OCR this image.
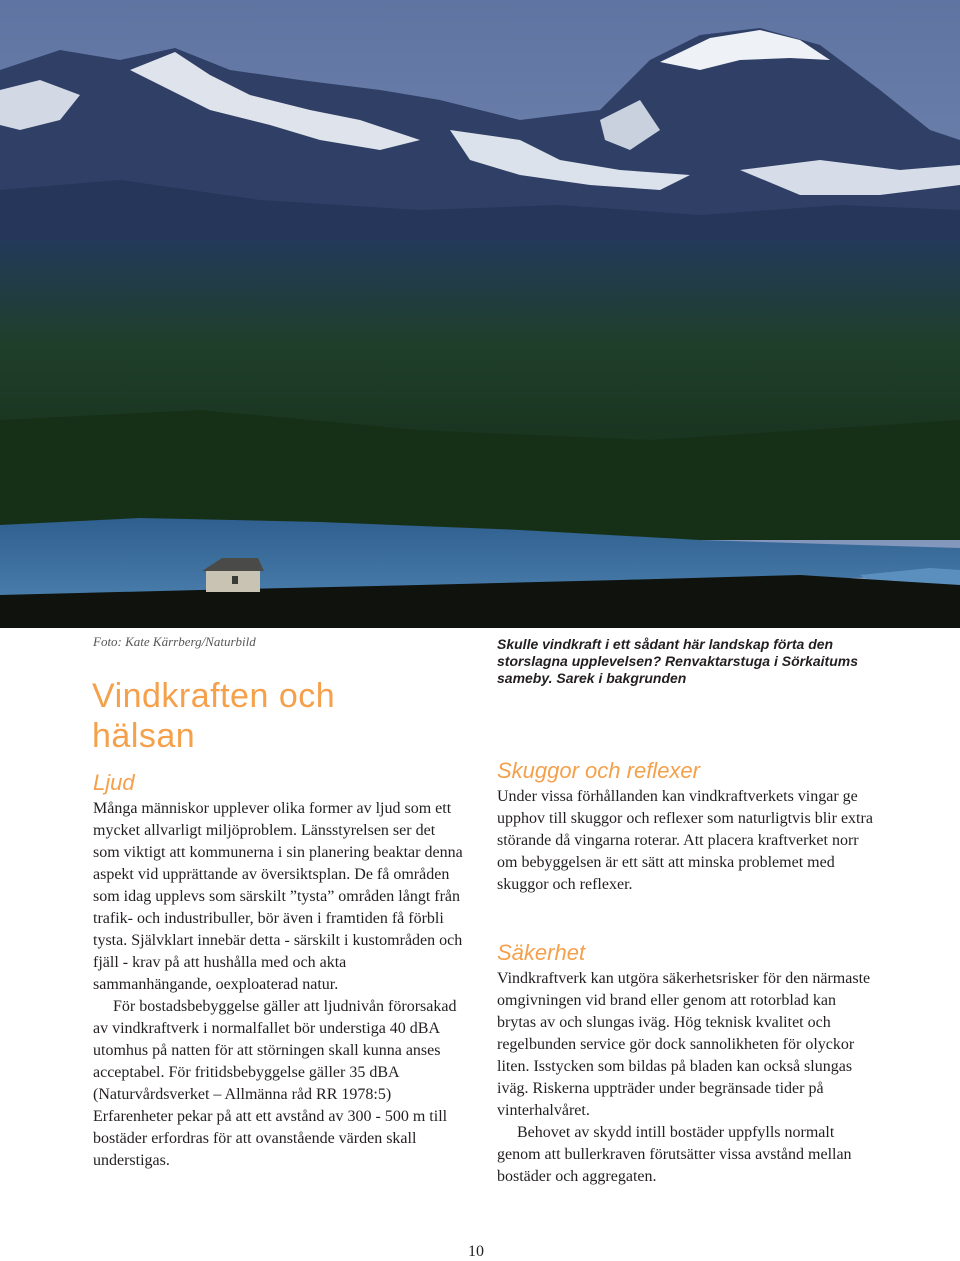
Foto: Kate Kärrberg/Naturbild
Vindkraften och
hälsan
Ljud

Många människor upplever olika former av ljud som ett mycket allvarligt miljöproblem. Länsstyrelsen ser det som viktigt att kommunerna i sin planering beaktar denna aspekt vid upprättande av översiktsplan. De få områden som idag upplevs som särskilt ”tysta” områden långt från trafik- och industribuller, bör även i framtiden få förbli tysta. Självklart innebär detta - särskilt i kustområden och fjäll - krav på att hushålla med och akta sammanhängande, oexploaterad natur.

För bostadsbebyggelse gäller att ljudnivån förorsakad av vindkraftverk i normalfallet bör understiga 40 dBA utomhus på natten för att störningen skall kunna anses acceptabel. För fritidsbebyggelse gäller 35 dBA (Naturvårdsverket – Allmänna råd RR 1978:5) Erfarenheter pekar på att ett avstånd av 300 - 500 m till bostäder erfordras för att ovanstående värden skall understigas.

Skulle vindkraft i ett sådant här landskap förta den storslagna upplevelsen? Renvaktarstuga i Sörkaitums sameby. Sarek i bakgrunden
Skuggor och reflexer

Under vissa förhållanden kan vindkraftverkets vingar ge upphov till skuggor och reflexer som naturligtvis blir extra störande då vingarna roterar. Att placera kraftverket norr om bebyggelsen är ett sätt att minska problemet med skuggor och reflexer.

Säkerhet

Vindkraftverk kan utgöra säkerhetsrisker för den närmaste omgivningen vid brand eller genom att rotorblad kan brytas av och slungas iväg. Hög teknisk kvalitet och regelbunden service gör dock sannolikheten för olyckor liten. Isstycken som bildas på bladen kan också slungas iväg. Riskerna uppträder under begränsade tider på vinterhalvåret.

Behovet av skydd intill bostäder uppfylls normalt genom att bullerkraven förutsätter vissa avstånd mellan bostäder och aggregaten.

10
